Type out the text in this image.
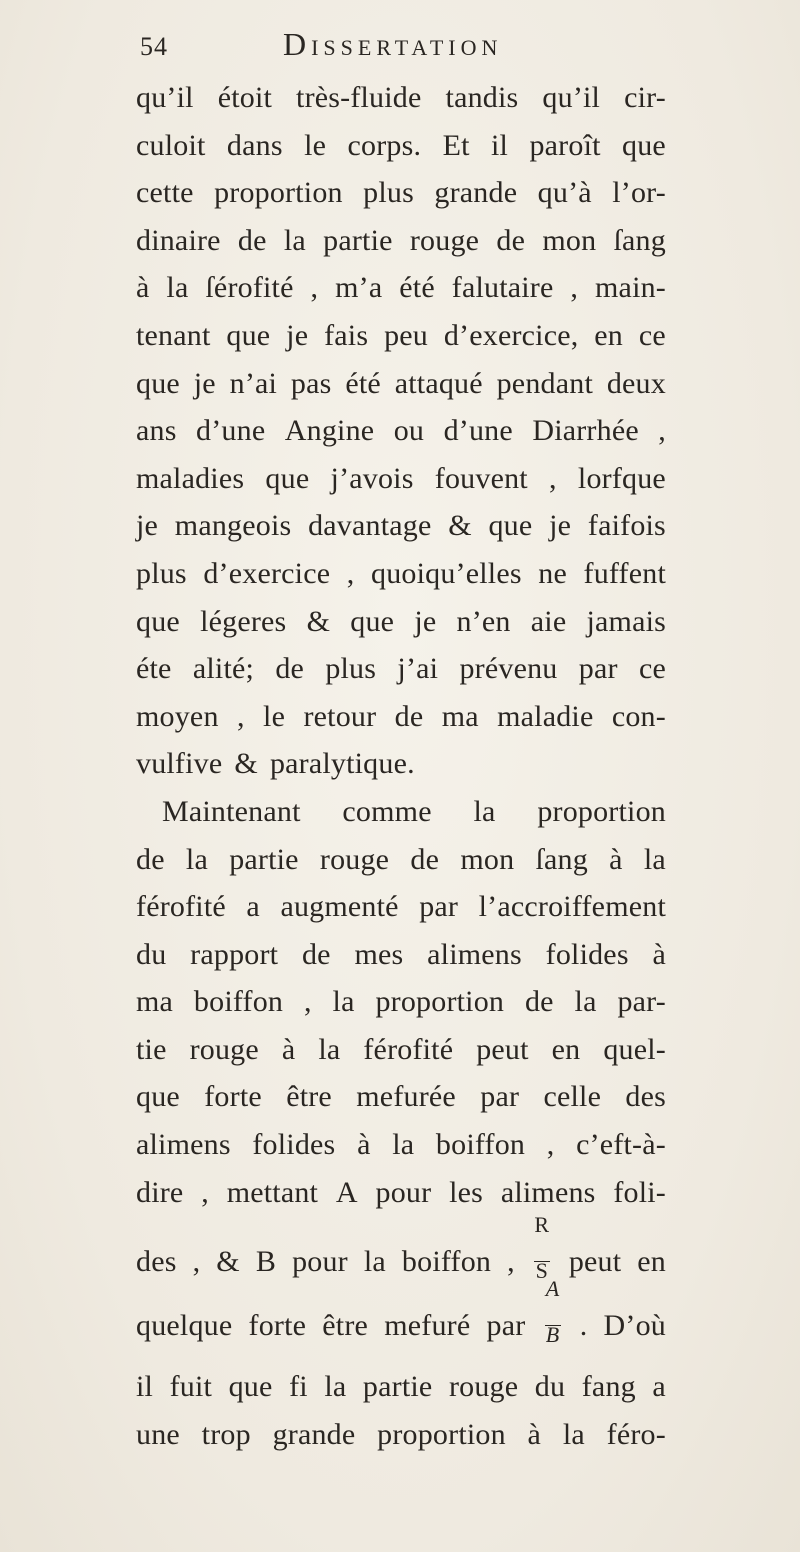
54	Dissertation
qu’il étoit très-fluide tandis qu’il cir-
culoit dans le corps. Et il paroît que
cette proportion plus grande qu’à l’or-
dinaire de la partie rouge de mon ſang
à la ſérofité , m’a été falutaire , main-
tenant que je fais peu d’exercice, en ce
que je n’ai pas été attaqué pendant deux
ans d’une Angine ou d’une Diarrhée ,
maladies que j’avois fouvent , lorfque
je mangeois davantage & que je faifois
plus d’exercice , quoiqu’elles ne fuffent
que légeres & que je n’en aie jamais
éte alité; de plus j’ai prévenu par ce
moyen , le retour de ma maladie con-
vulfive & paralytique.
Maintenant comme la proportion
de la partie rouge de mon ſang à la
férofité a augmenté par l’accroiffement
du rapport de mes alimens folides à
ma boiffon , la proportion de la par-
tie rouge à la férofité peut en quel-
que forte être mefurée par celle des
alimens folides à la boiffon , c’eft-à-
dire , mettant A pour les alimens foli-
des , & B pour la boiffon , $\frac{R}{S}$
peut en
quelque forte être mefuré par $\frac{A}{B}$
. D’où
il fuit que fi la partie rouge du fang a
une trop grande proportion à la féro-
